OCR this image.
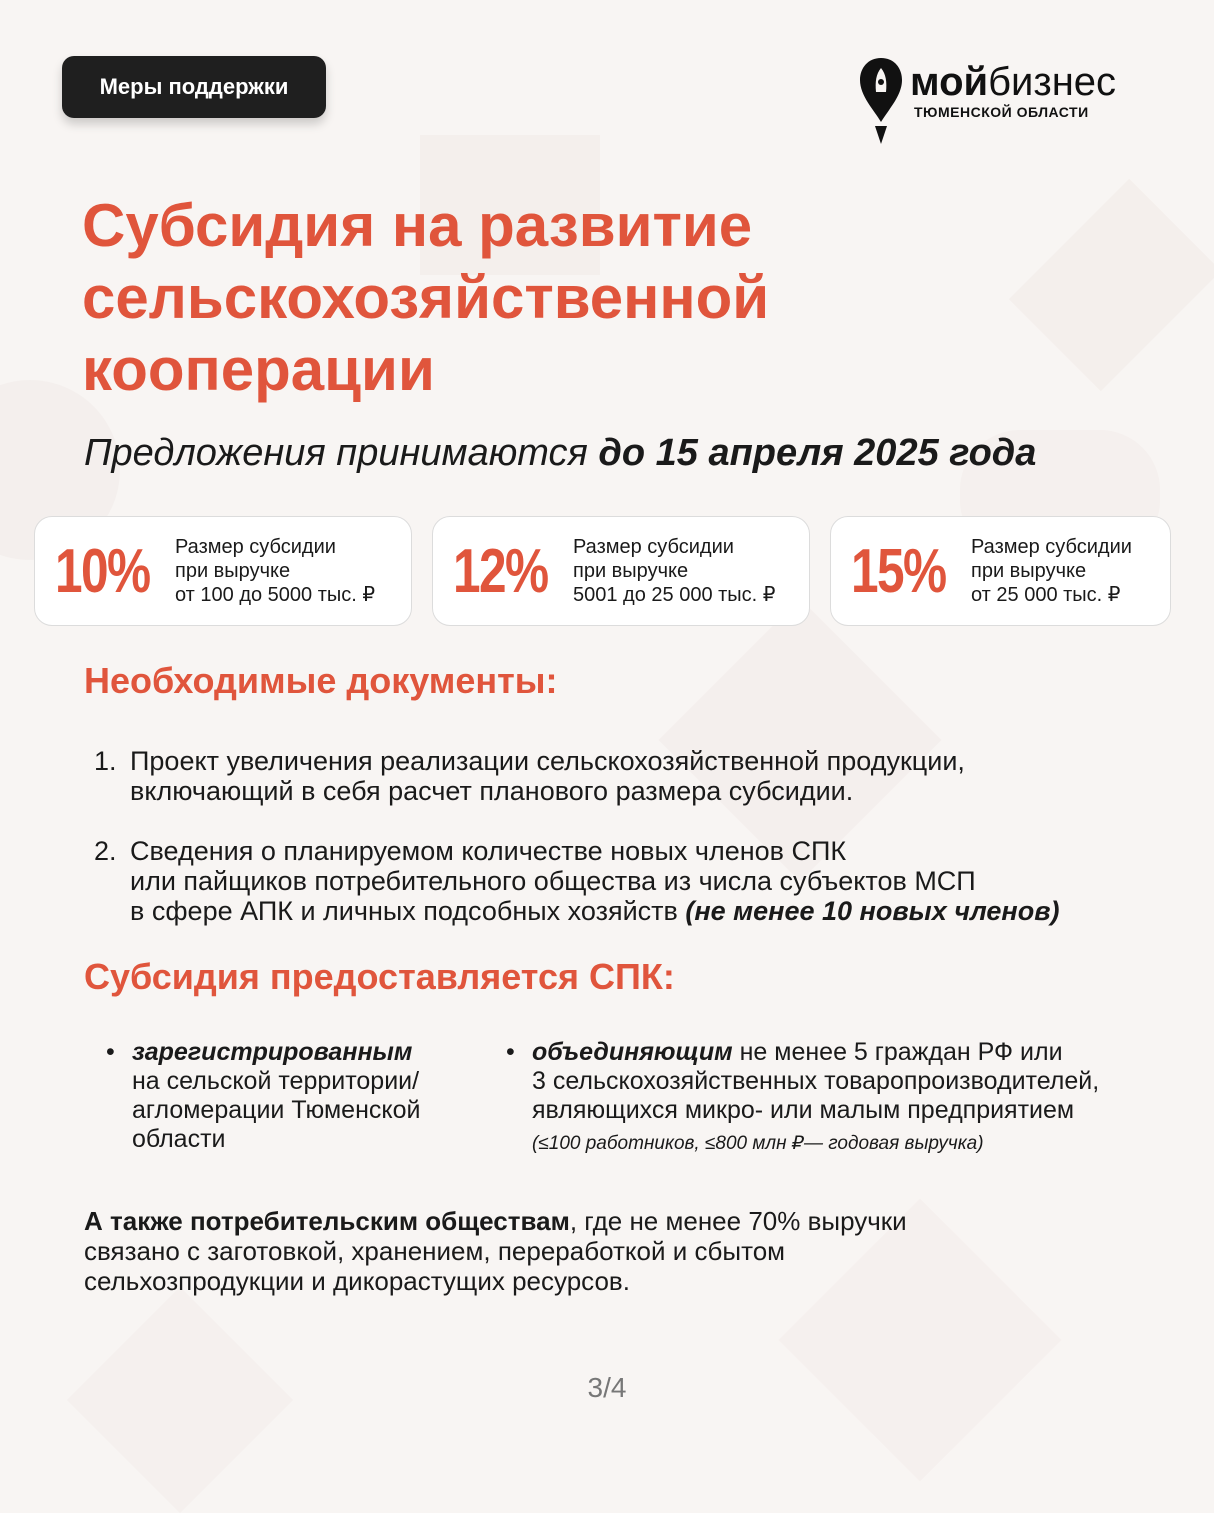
Меры поддержки	мойбизнес
ТЮМЕНСКОЙ ОБЛАСТИ
Субсидия на развитие
сельскохозяйственной
кооперации

Предложения принимаются до 15 апреля 2025 года

10% Размер субсидии
при выручке
от 100 до 5000 тыс. ₽ 12% Размер субсидии
при выручке
5001 до 25 000 тыс. ₽ 15% Размер субсидии
при выручке
от 25 000 тыс. ₽
Необходимые документы:
1. Проект увеличения реализации сельскохозяйственной продукции,
включающий в себя расчет планового размера субсидии.
2. Сведения о планируемом количестве новых членов СПК
или пайщиков потребительного общества из числа субъектов МСП
в сфере АПК и личных подсобных хозяйств (не менее 10 новых членов)
Субсидия предоставляется СПК:
• зарегистрированным
на сельской территории/
агломерации Тюменской
области
• объединяющим не менее 5 граждан РФ или
3 сельскохозяйственных товаропроизводителей,
являющихся микро- или малым предприятием
(≤100 работников, ≤800 млн ₽— годовая выручка)
А также потребительским обществам, где не менее 70% выручки
связано с заготовкой, хранением, переработкой и сбытом
сельхозпродукции и дикорастущих ресурсов.
3/4
